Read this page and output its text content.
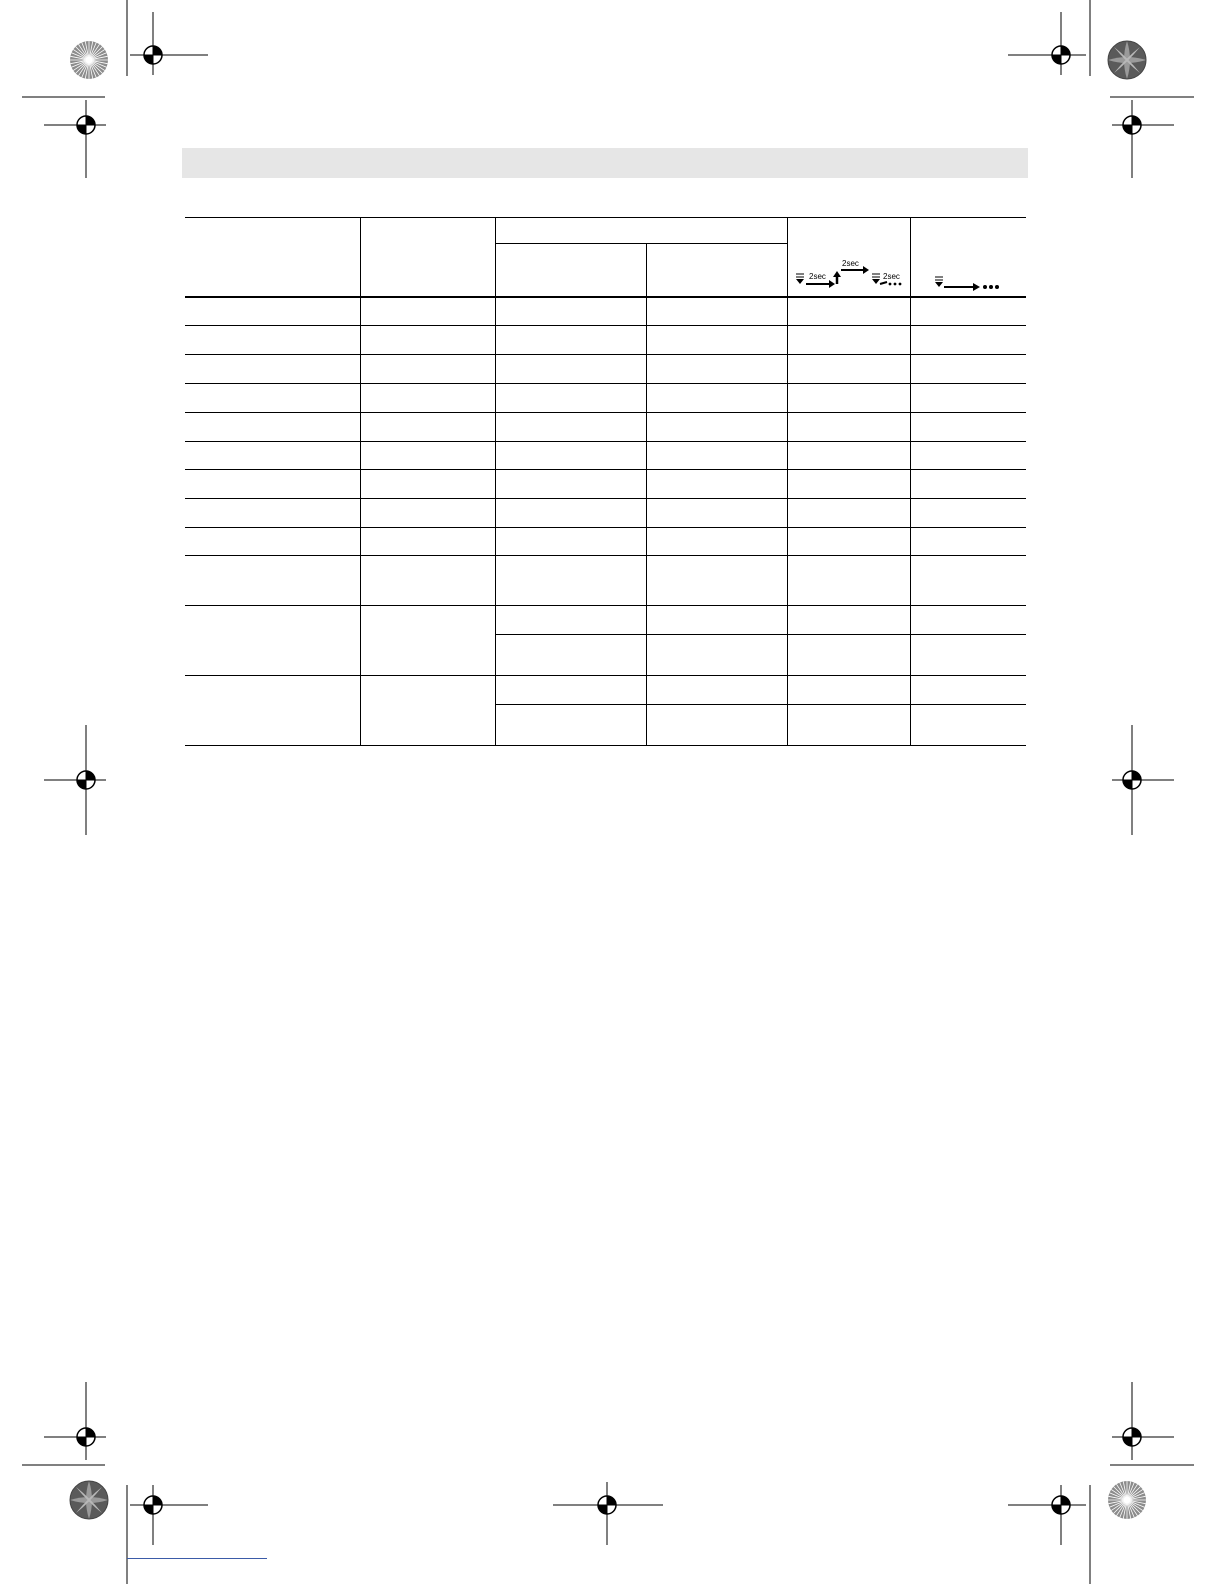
2sec
2sec
2sec
